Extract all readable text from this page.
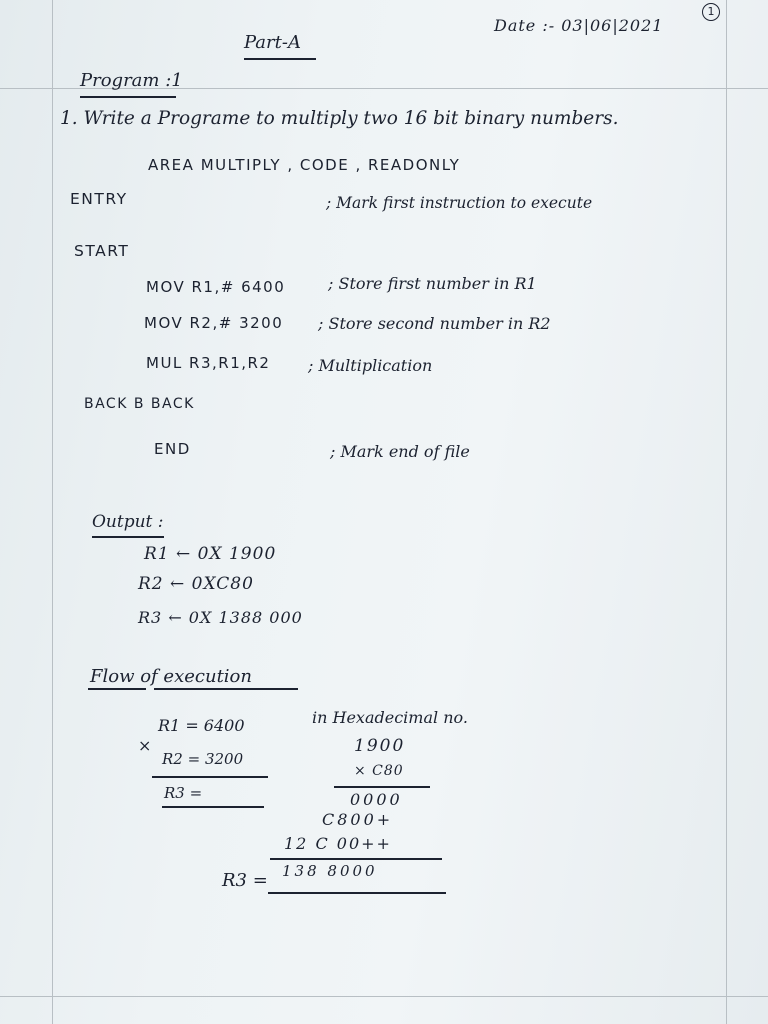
Date :- 03|06|2021
1
Part-A
Program :1
1. Write a Programe to multiply two 16 bit binary numbers.
AREA MULTIPLY , CODE , READONLY
ENTRY	; Mark first instruction to execute
START
MOV R1,# 6400	; Store first number in R1
MOV R2,# 3200 ; Store second number in R2
MUL R3,R1,R2 ; Multiplication
BACK B BACK
END	; Mark end of file
Output :
R1 ← 0X 1900
R2 ← 0XC80
R3 ← 0X 1388 000
Flow of execution
R1 = 6400
×
R2 = 3200
R3 =
in Hexadecimal no.
1900
× C80
0000
C800+
12 C 00++
R3 = 138 8000
